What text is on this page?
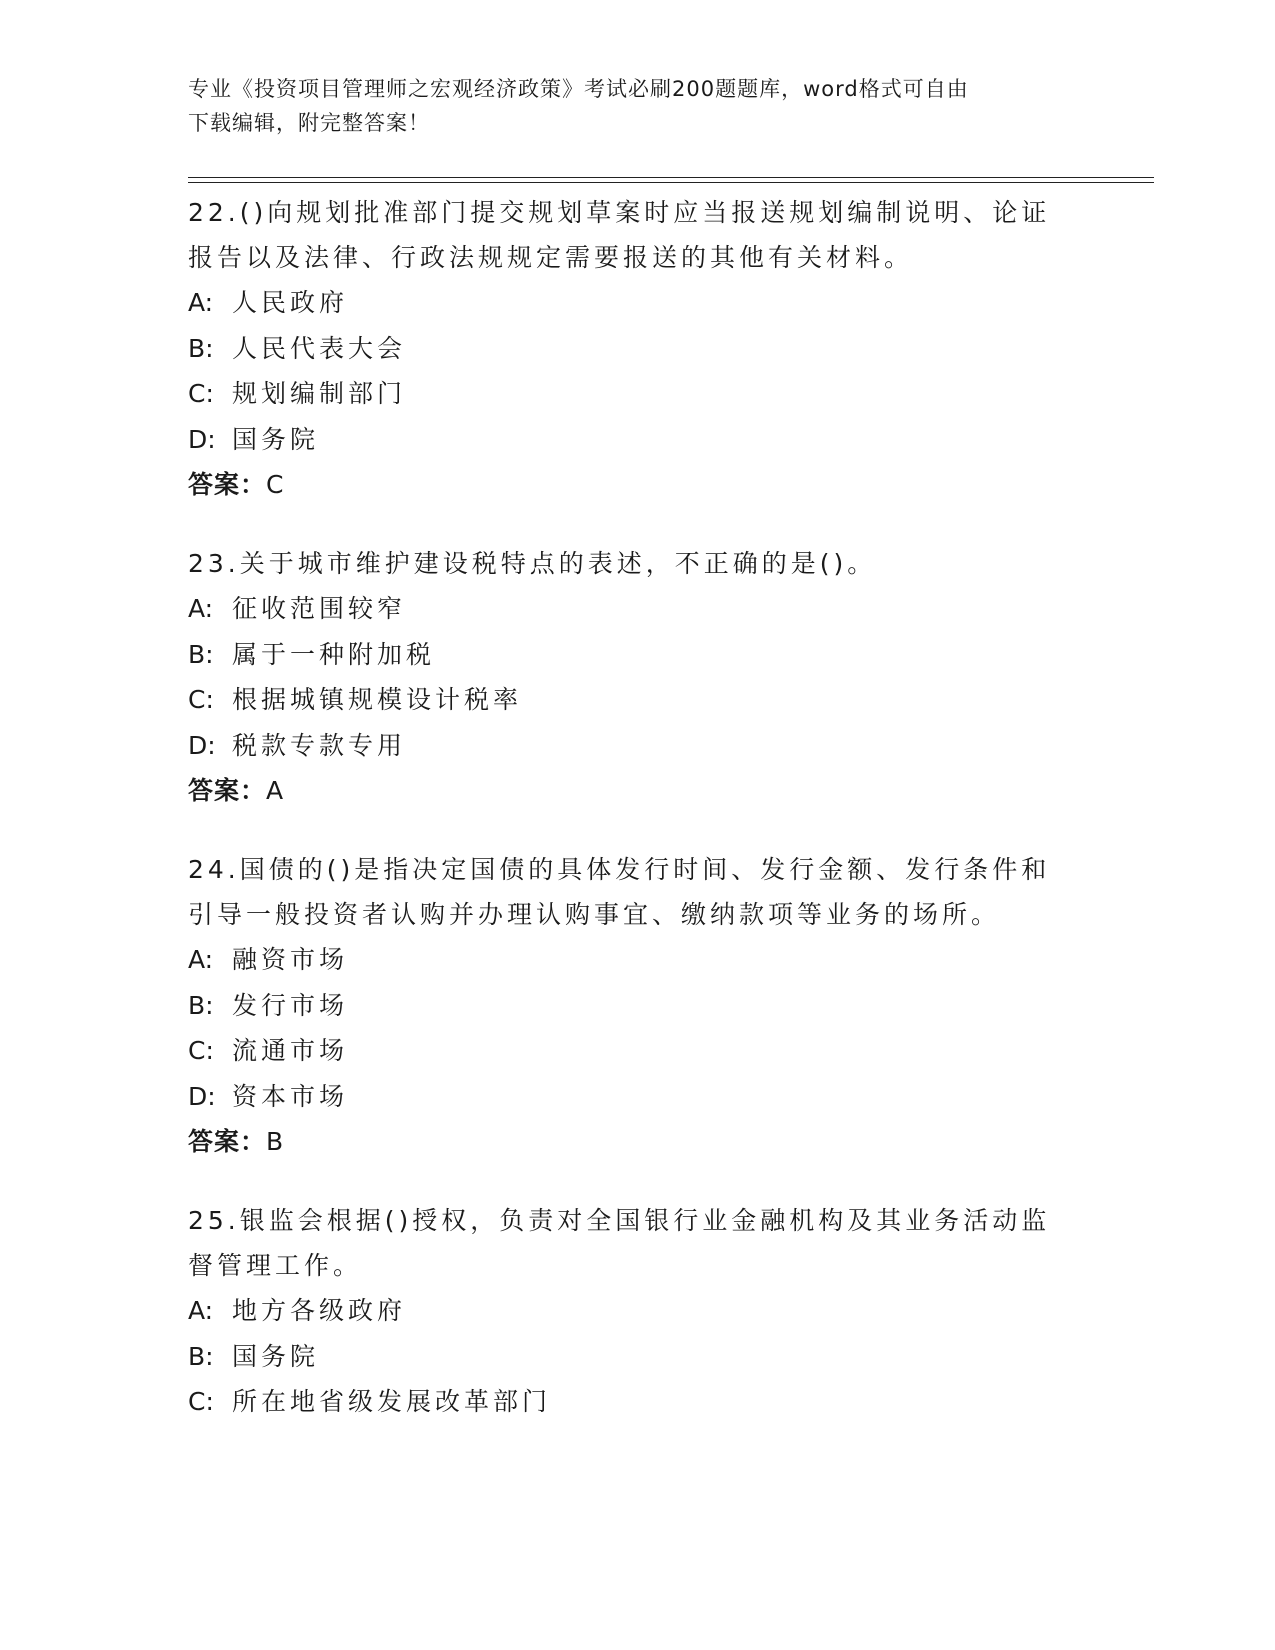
专业《投资项目管理师之宏观经济政策》考试必刷200题题库，word格式可自由
下载编辑，附完整答案！
22.()向规划批准部门提交规划草案时应当报送规划编制说明、论证报告以及法律、行政法规规定需要报送的其他有关材料。
A: 人民政府
B: 人民代表大会
C: 规划编制部门
D: 国务院
答案：C
23.关于城市维护建设税特点的表述，不正确的是()。
A: 征收范围较窄
B: 属于一种附加税
C: 根据城镇规模设计税率
D: 税款专款专用
答案：A
24.国债的()是指决定国债的具体发行时间、发行金额、发行条件和引导一般投资者认购并办理认购事宜、缴纳款项等业务的场所。
A: 融资市场
B: 发行市场
C: 流通市场
D: 资本市场
答案：B
25.银监会根据()授权，负责对全国银行业金融机构及其业务活动监督管理工作。
A: 地方各级政府
B: 国务院
C: 所在地省级发展改革部门
